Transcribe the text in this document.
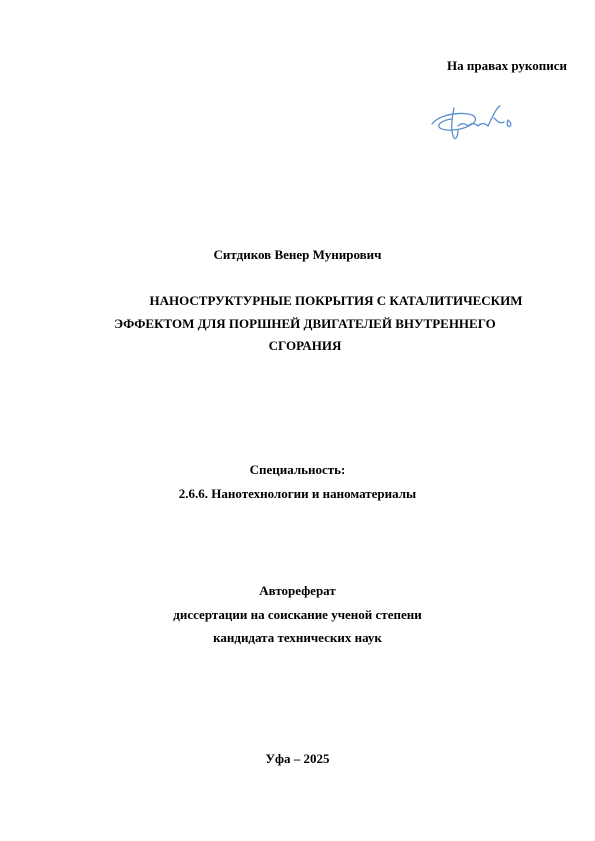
На правах рукописи
Ситдиков Венер Мунирович
НАНОСТРУКТУРНЫЕ ПОКРЫТИЯ С КАТАЛИТИЧЕСКИМ
ЭФФЕКТОМ ДЛЯ ПОРШНЕЙ ДВИГАТЕЛЕЙ ВНУТРЕННЕГО
СГОРАНИЯ
Специальность:
2.6.6. Нанотехнологии и наноматериалы
Автореферат
диссертации на соискание ученой степени
кандидата технических наук
Уфа – 2025
